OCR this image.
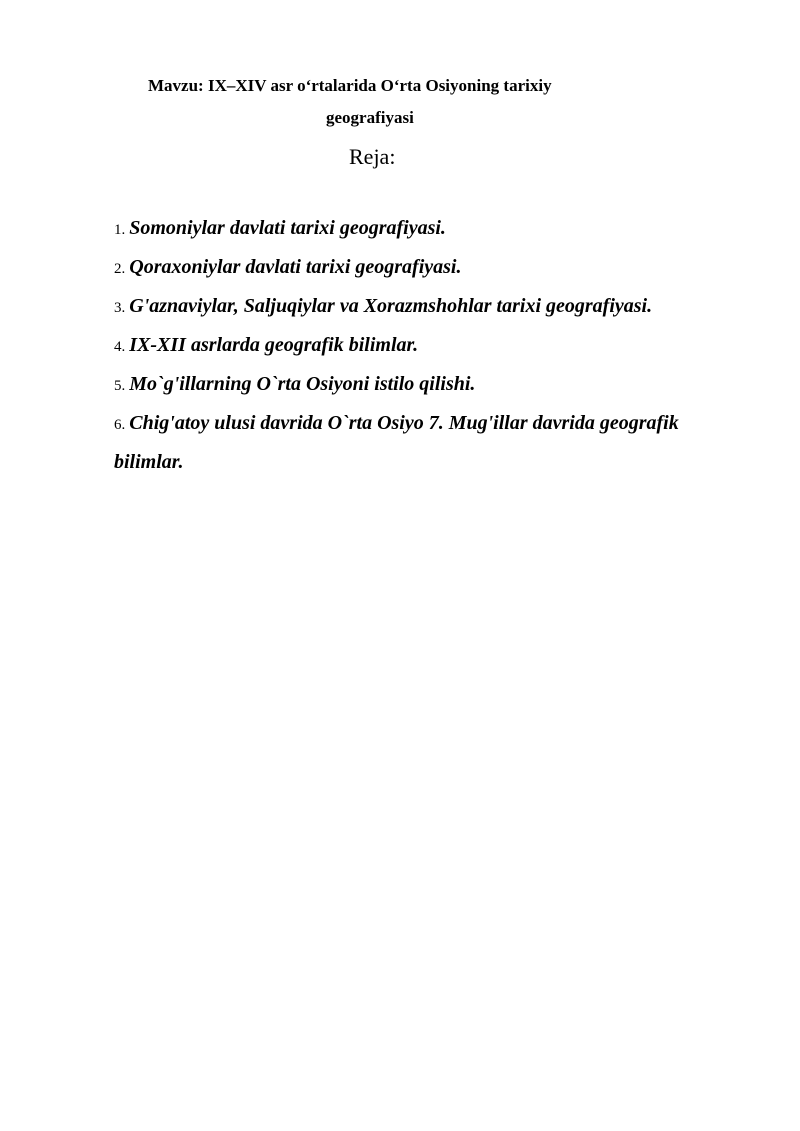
Mavzu: IX–XIV asr o‘rtalarida O‘rta Osiyoning tarixiy
geografiyasi
Reja:
1. Somoniylar davlati tarixi geografiyasi.
2. Qoraxoniylar davlati tarixi geografiyasi.
3. G'aznaviylar, Saljuqiylar va Xorazmshohlar tarixi geografiyasi.
4. IX-XII asrlarda geografik bilimlar.
5. Mo`g'illarning O`rta Osiyoni istilo qilishi.
6. Chig'atoy ulusi davrida O`rta Osiyo 7. Mug'illar davrida geografik bilimlar.
